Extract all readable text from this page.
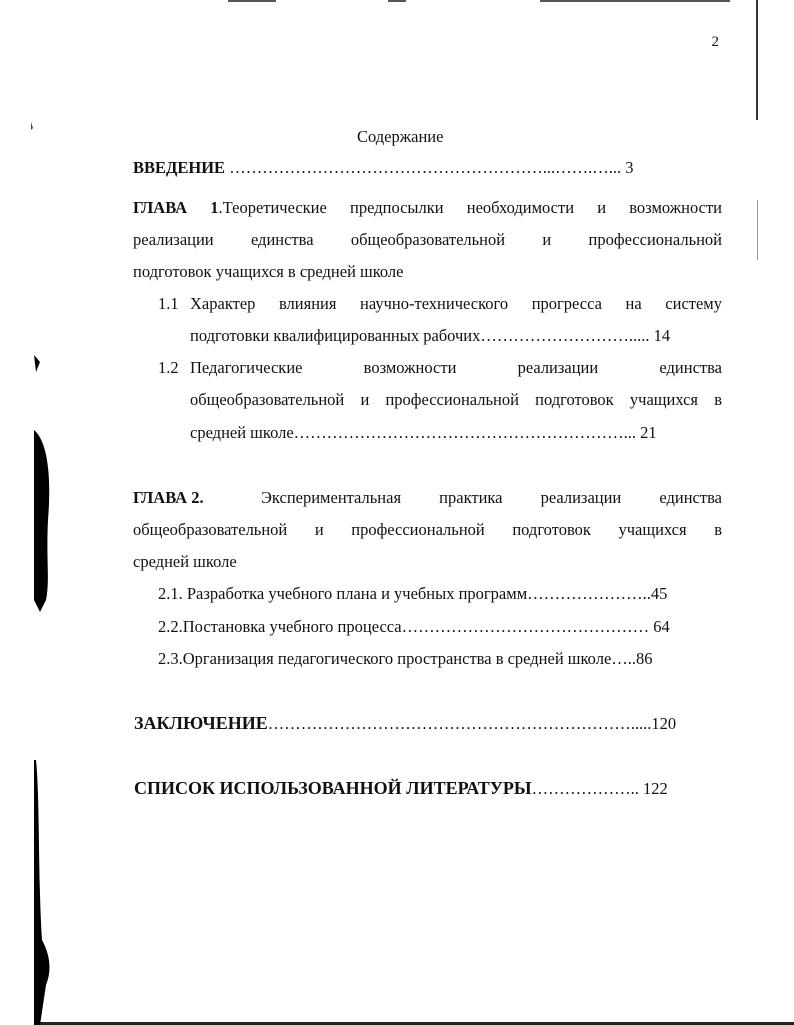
2
Содержание
ВВЕДЕНИЕ …………………………………………………...…….…... 3
ГЛАВА 1.Теоретические предпосылки необходимости и возможности
реализации единства общеобразовательной и профессиональной
подготовок учащихся в средней школе
1.1 Характер влияния научно-технического прогресса на систему
подготовки квалифицированных рабочих………………………..... 14
1.2 Педагогические возможности реализации единства
общеобразовательной и профессиональной подготовок учащихся в
средней школе……………………………………………………... 21
ГЛАВА 2.	Экспериментальная практика реализации единства
общеобразовательной и профессиональной подготовок учащихся в
средней школе
2.1. Разработка учебного плана и учебных программ…………………..45
2.2.Постановка учебного процесса……………………………………… 64
2.3.Организация педагогического пространства в средней школе…..86
ЗАКЛЮЧЕНИЕ………………………………………………………….....120
СПИСОК ИСПОЛЬЗОВАННОЙ ЛИТЕРАТУРЫ……………….. 122
